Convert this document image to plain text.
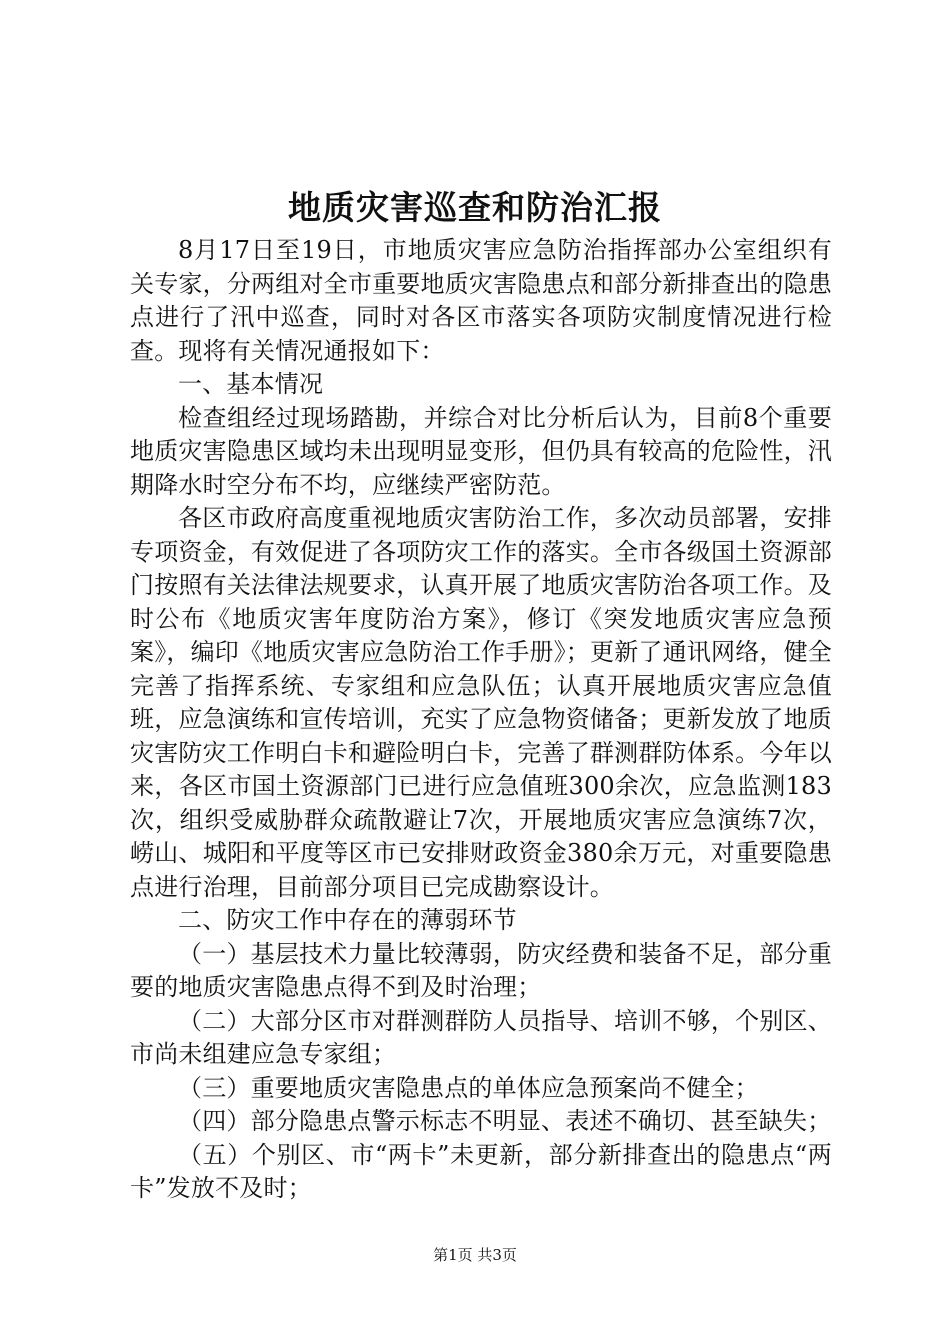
地质灾害巡查和防治汇报

8月17日至19日，市地质灾害应急防治指挥部办公室组织有关专家，分两组对全市重要地质灾害隐患点和部分新排查出的隐患点进行了汛中巡查，同时对各区市落实各项防灾制度情况进行检查。现将有关情况通报如下：

一、基本情况

检查组经过现场踏勘，并综合对比分析后认为，目前8个重要地质灾害隐患区域均未出现明显变形，但仍具有较高的危险性，汛期降水时空分布不均，应继续严密防范。

各区市政府高度重视地质灾害防治工作，多次动员部署，安排专项资金，有效促进了各项防灾工作的落实。全市各级国土资源部门按照有关法律法规要求，认真开展了地质灾害防治各项工作。及时公布《地质灾害年度防治方案》，修订《突发地质灾害应急预案》，编印《地质灾害应急防治工作手册》；更新了通讯网络，健全完善了指挥系统、专家组和应急队伍；认真开展地质灾害应急值班，应急演练和宣传培训，充实了应急物资储备；更新发放了地质灾害防灾工作明白卡和避险明白卡，完善了群测群防体系。今年以来，各区市国土资源部门已进行应急值班300余次，应急监测183次，组织受威胁群众疏散避让7次，开展地质灾害应急演练7次，崂山、城阳和平度等区市已安排财政资金380余万元，对重要隐患点进行治理，目前部分项目已完成勘察设计。

二、防灾工作中存在的薄弱环节

（一）基层技术力量比较薄弱，防灾经费和装备不足，部分重要的地质灾害隐患点得不到及时治理；

（二）大部分区市对群测群防人员指导、培训不够，个别区、市尚未组建应急专家组；

（三）重要地质灾害隐患点的单体应急预案尚不健全；

（四）部分隐患点警示标志不明显、表述不确切、甚至缺失；

（五）个别区、市“两卡”未更新，部分新排查出的隐患点“两卡”发放不及时；

第1页 共3页
